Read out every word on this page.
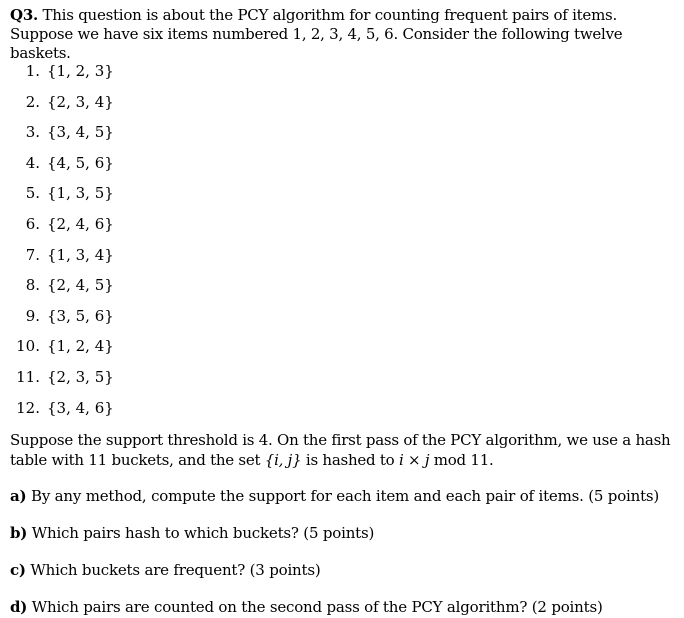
Q3. This question is about the PCY algorithm for counting frequent pairs of items. Suppose we have six items numbered 1, 2, 3, 4, 5, 6. Consider the following twelve baskets.

1. {1, 2, 3}
2. {2, 3, 4}
3. {3, 4, 5}
4. {4, 5, 6}
5. {1, 3, 5}
6. {2, 4, 6}
7. {1, 3, 4}
8. {2, 4, 5}
9. {3, 5, 6}
10. {1, 2, 4}
11. {2, 3, 5}
12. {3, 4, 6}

Suppose the support threshold is 4. On the first pass of the PCY algorithm, we use a hash table with 11 buckets, and the set {i, j} is hashed to i × j mod 11.

a) By any method, compute the support for each item and each pair of items. (5 points)

b) Which pairs hash to which buckets? (5 points)

c) Which buckets are frequent? (3 points)

d) Which pairs are counted on the second pass of the PCY algorithm? (2 points)
